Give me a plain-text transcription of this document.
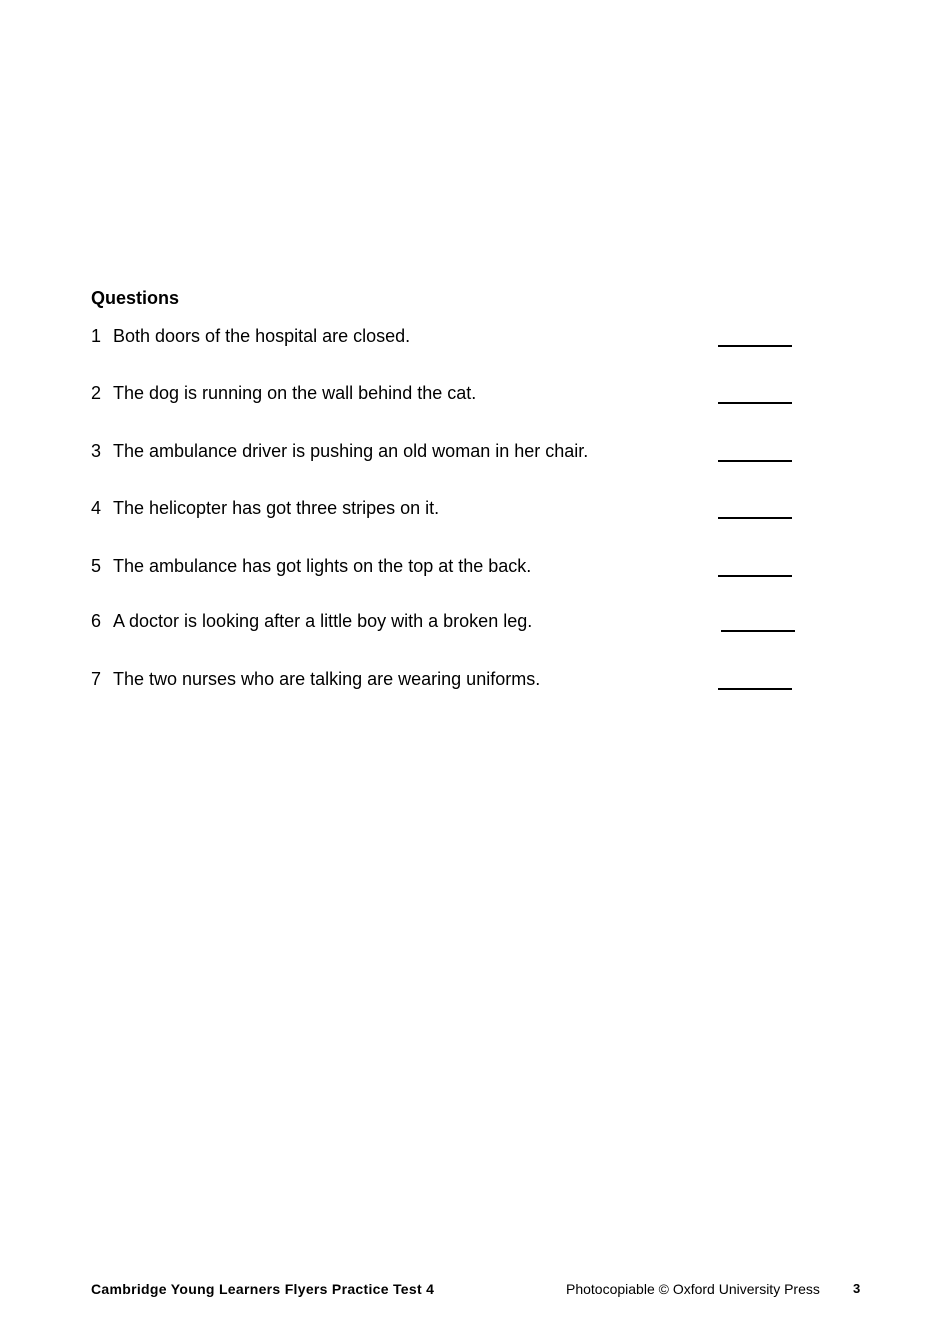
Questions
1 Both doors of the hospital are closed.
2 The dog is running on the wall behind the cat.
3 The ambulance driver is pushing an old woman in her chair.
4 The helicopter has got three stripes on it.
5 The ambulance has got lights on the top at the back.
6 A doctor is looking after a little boy with a broken leg.
7 The two nurses who are talking are wearing uniforms.
Cambridge Young Learners Flyers Practice Test 4	Photocopiable © Oxford University Press	3
